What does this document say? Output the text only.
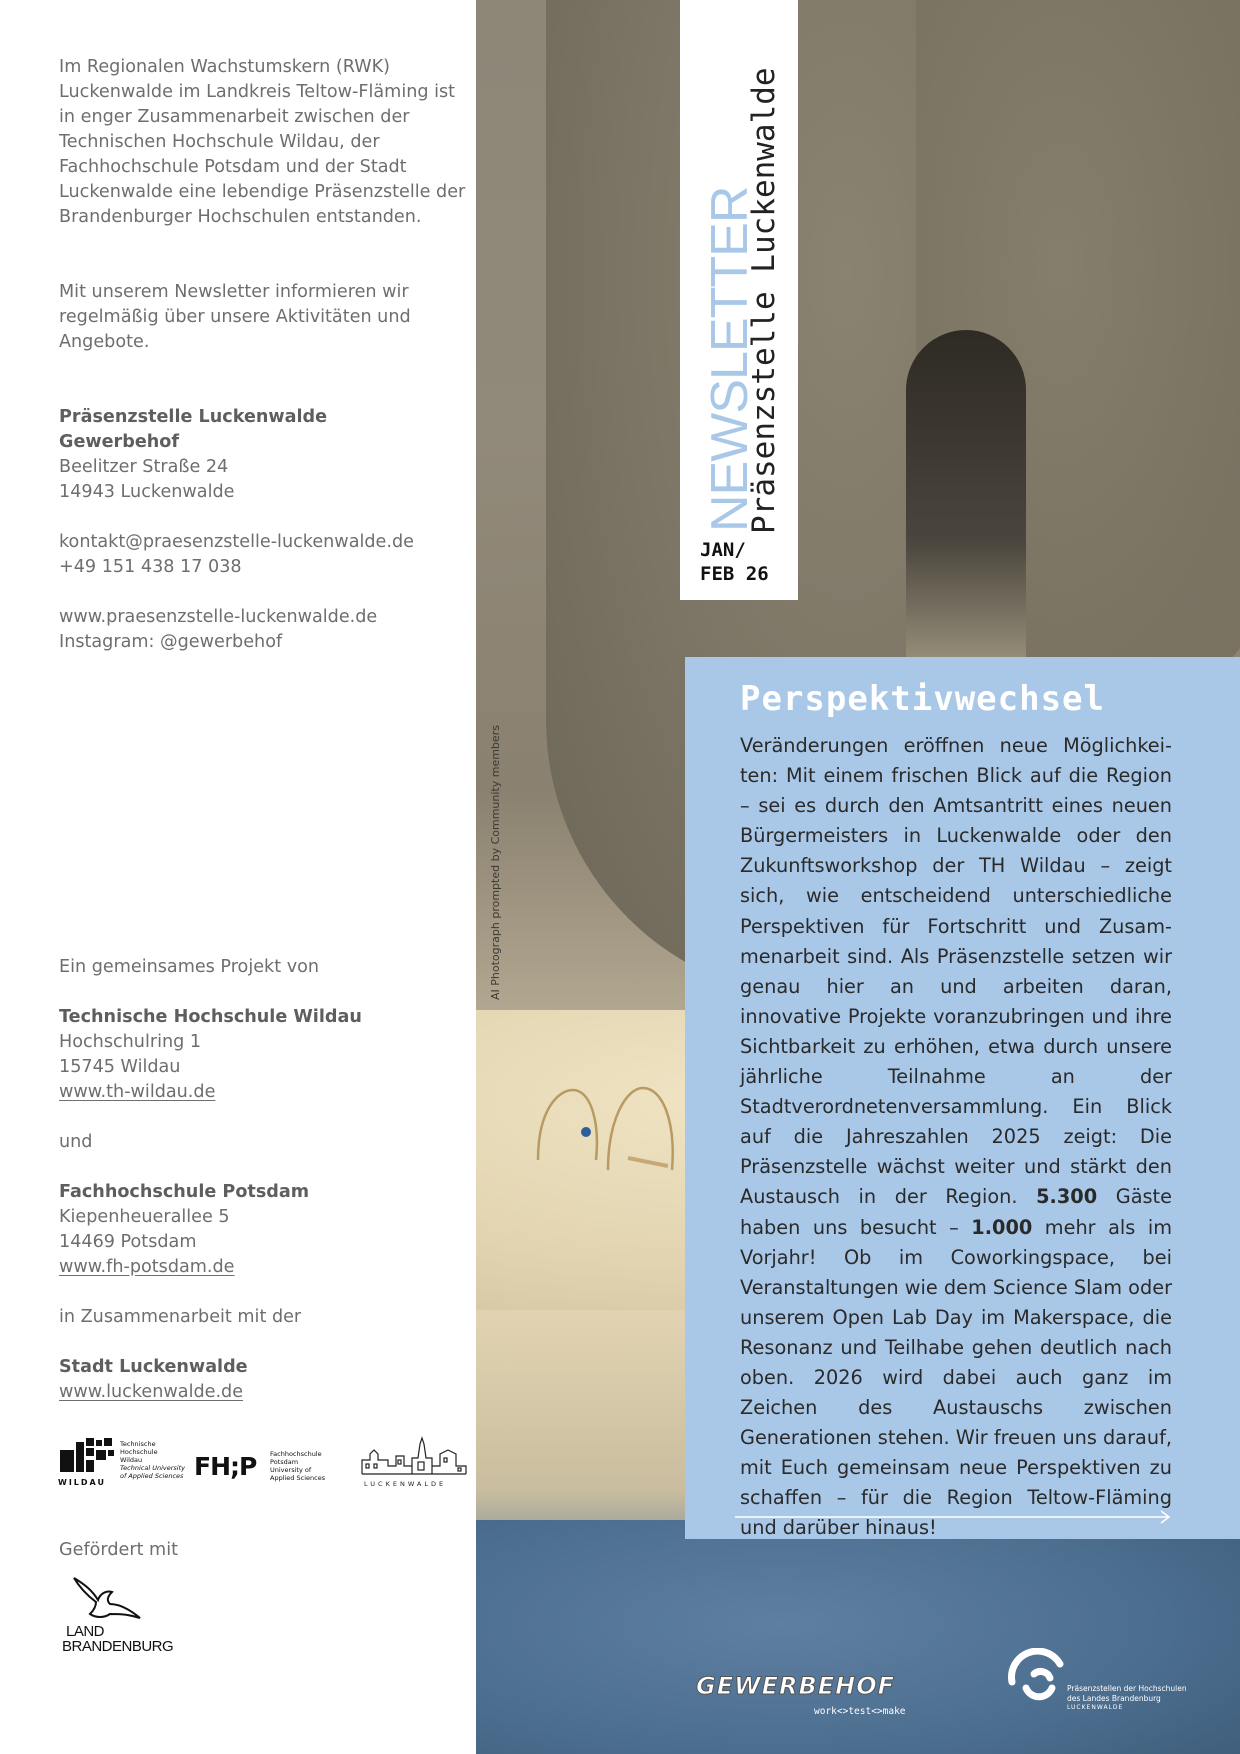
Im Regionalen Wachstumskern (RWK) Luckenwalde im Landkreis Teltow-Fläming ist in enger Zusammenarbeit zwischen der Technischen Hochschule Wildau, der Fachhochschule Potsdam und der Stadt Luckenwalde eine lebendige Präsenzstelle der Brandenburger Hochschulen entstanden.

Mit unserem Newsletter informieren wir regelmäßig über unsere Aktivitäten und Angebote.

Präsenzstelle Luckenwalde

Gewerbehof

Beelitzer Straße 24

14943 Luckenwalde

kontakt@praesenzstelle-luckenwalde.de

+49 151 438 17 038

www.praesenzstelle-luckenwalde.de

Instagram: @gewerbehof

Ein gemeinsames Projekt von

Technische Hochschule Wildau

Hochschulring 1

15745 Wildau

www.th-wildau.de

und

Fachhochschule Potsdam

Kiepenheuerallee 5

14469 Potsdam

www.fh-potsdam.de

in Zusammenarbeit mit der

Stadt Luckenwalde

www.luckenwalde.de

WILDAU
Technische
Hochschule
Wildau
Technical University
of Applied Sciences FH;P Fachhochschule Potsdam
University of
Applied Sciences
LUCKENWALDE

Gefördert mit

LAND
BRANDENBURG
AI Photograph prompted by Community members
NEWSLETTER
Präsenzstelle Luckenwalde
JAN/
FEB 26
Perspektivwechsel
Veränderungen eröffnen neue Möglichkeiten: Mit einem frischen Blick auf die Region – sei es durch den Amtsantritt eines neuen Bürgermeisters in Luckenwalde oder den Zukunftsworkshop der TH Wildau – zeigt sich, wie entscheidend unterschiedliche Perspektiven für Fortschritt und Zusammenarbeit sind. Als Präsenzstelle setzen wir genau hier an und arbeiten daran, innovative Projekte voranzubringen und ihre Sichtbarkeit zu erhöhen, etwa durch unsere jährliche Teilnahme an der Stadtverordnetenversammlung. Ein Blick auf die Jahreszahlen 2025 zeigt: Die Präsenzstelle wächst weiter und stärkt den Austausch in der Region. 5.300 Gäste haben uns besucht – 1.000 mehr als im Vorjahr! Ob im Coworkingspace, bei Veranstaltungen wie dem Science Slam oder unserem Open Lab Day im Makerspace, die Resonanz und Teilhabe gehen deutlich nach oben. 2026 wird dabei auch ganz im Zeichen des Austauschs zwischen Generationen stehen. Wir freuen uns darauf, mit Euch gemeinsam neue Perspektiven zu schaffen – für die Region Teltow-Fläming und darüber hinaus!
GEWERBEHOF
work<>test<>make
Präsenzstellen der Hochschulen
des Landes Brandenburg
LUCKENWALDE
